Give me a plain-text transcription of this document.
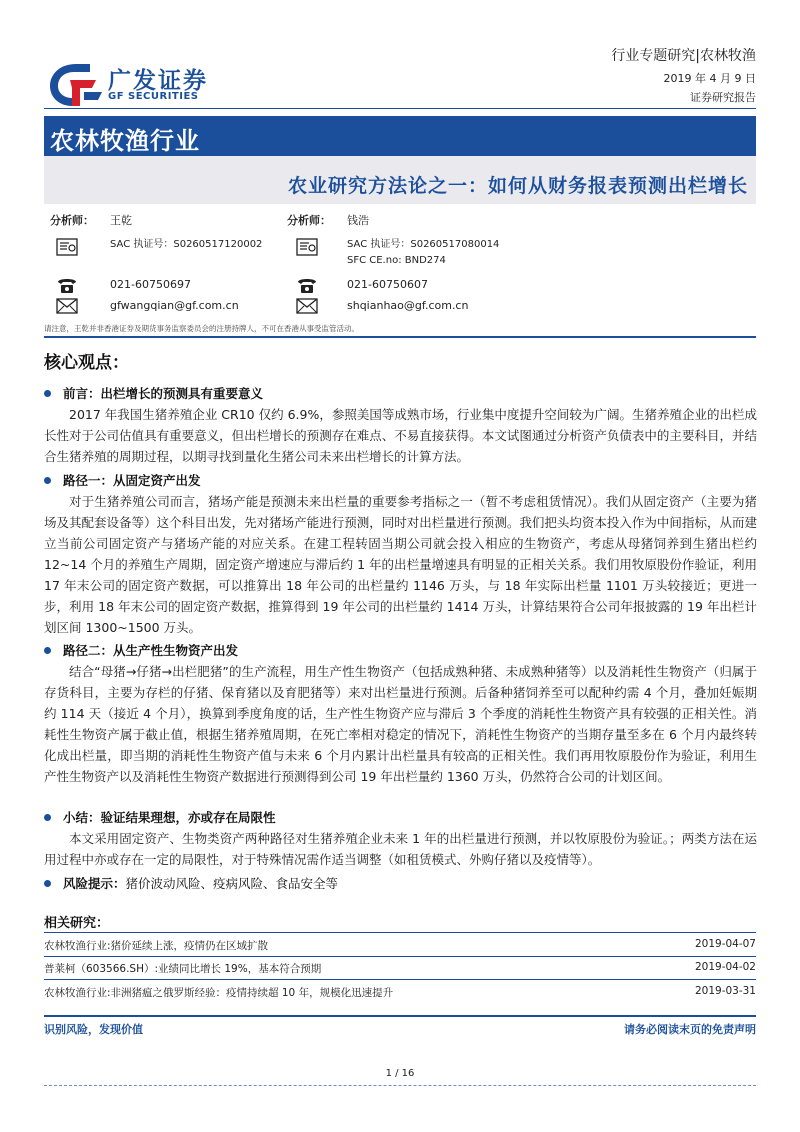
广发证券
GF SECURITIES
行业专题研究|农林牧渔
2019 年 4 月 9 日
证券研究报告
农林牧渔行业
农业研究方法论之一：如何从财务报表预测出栏增长
分析师： 王乾
SAC 执证号：S0260517120002
021-60750697
gfwangqian@gf.com.cn
分析师： 钱浩
SAC 执证号：S0260517080014
SFC CE.no: BND274
021-60750607
shqianhao@gf.com.cn
请注意，王乾并非香港证券及期货事务监察委员会的注册持牌人，不可在香港从事受监管活动。
核心观点：
前言：出栏增长的预测具有重要意义

2017 年我国生猪养殖企业 CR10 仅约 6.9%，参照美国等成熟市场，行业集中度提升空间较为广阔。生猪养殖企业的出栏成长性对于公司估值具有重要意义，但出栏增长的预测存在难点、不易直接获得。本文试图通过分析资产负债表中的主要科目，并结合生猪养殖的周期过程，以期寻找到量化生猪公司未来出栏增长的计算方法。

路径一：从固定资产出发

对于生猪养殖公司而言，猪场产能是预测未来出栏量的重要参考指标之一（暂不考虑租赁情况）。我们从固定资产（主要为猪场及其配套设备等）这个科目出发，先对猪场产能进行预测，同时对出栏量进行预测。我们把头均资本投入作为中间指标，从而建立当前公司固定资产与猪场产能的对应关系。在建工程转固当期公司就会投入相应的生物资产，考虑从母猪饲养到生猪出栏约 12~14 个月的养殖生产周期，固定资产增速应与滞后约 1 年的出栏量增速具有明显的正相关关系。我们用牧原股份作验证，利用 17 年末公司的固定资产数据，可以推算出 18 年公司的出栏量约 1146 万头，与 18 年实际出栏量 1101 万头较接近；更进一步，利用 18 年末公司的固定资产数据，推算得到 19 年公司的出栏量约 1414 万头，计算结果符合公司年报披露的 19 年出栏计划区间 1300~1500 万头。

路径二：从生产性生物资产出发

结合“母猪→仔猪→出栏肥猪”的生产流程，用生产性生物资产（包括成熟种猪、未成熟种猪等）以及消耗性生物资产（归属于存货科目，主要为存栏的仔猪、保育猪以及育肥猪等）来对出栏量进行预测。后备种猪饲养至可以配种约需 4 个月，叠加妊娠期约 114 天（接近 4 个月），换算到季度角度的话，生产性生物资产应与滞后 3 个季度的消耗性生物资产具有较强的正相关性。消耗性生物资产属于截止值，根据生猪养殖周期，在死亡率相对稳定的情况下，消耗性生物资产的当期存量至多在 6 个月内最终转化成出栏量，即当期的消耗性生物资产值与未来 6 个月内累计出栏量具有较高的正相关性。我们再用牧原股份作为验证，利用生产性生物资产以及消耗性生物资产数据进行预测得到公司 19 年出栏量约 1360 万头，仍然符合公司的计划区间。

小结：验证结果理想，亦或存在局限性

本文采用固定资产、生物类资产两种路径对生猪养殖企业未来 1 年的出栏量进行预测，并以牧原股份为验证。；两类方法在运用过程中亦或存在一定的局限性，对于特殊情况需作适当调整（如租赁模式、外购仔猪以及疫情等）。

风险提示：猪价波动风险、疫病风险、食品安全等
相关研究：
农林牧渔行业:猪价延续上涨，疫情仍在区域扩散	2019-04-07
普莱柯（603566.SH）:业绩同比增长 19%，基本符合预期	2019-04-02
农林牧渔行业:非洲猪瘟之俄罗斯经验：疫情持续超 10 年，规模化迅速提升	2019-03-31
识别风险，发现价值	请务必阅读末页的免责声明
1 / 16
